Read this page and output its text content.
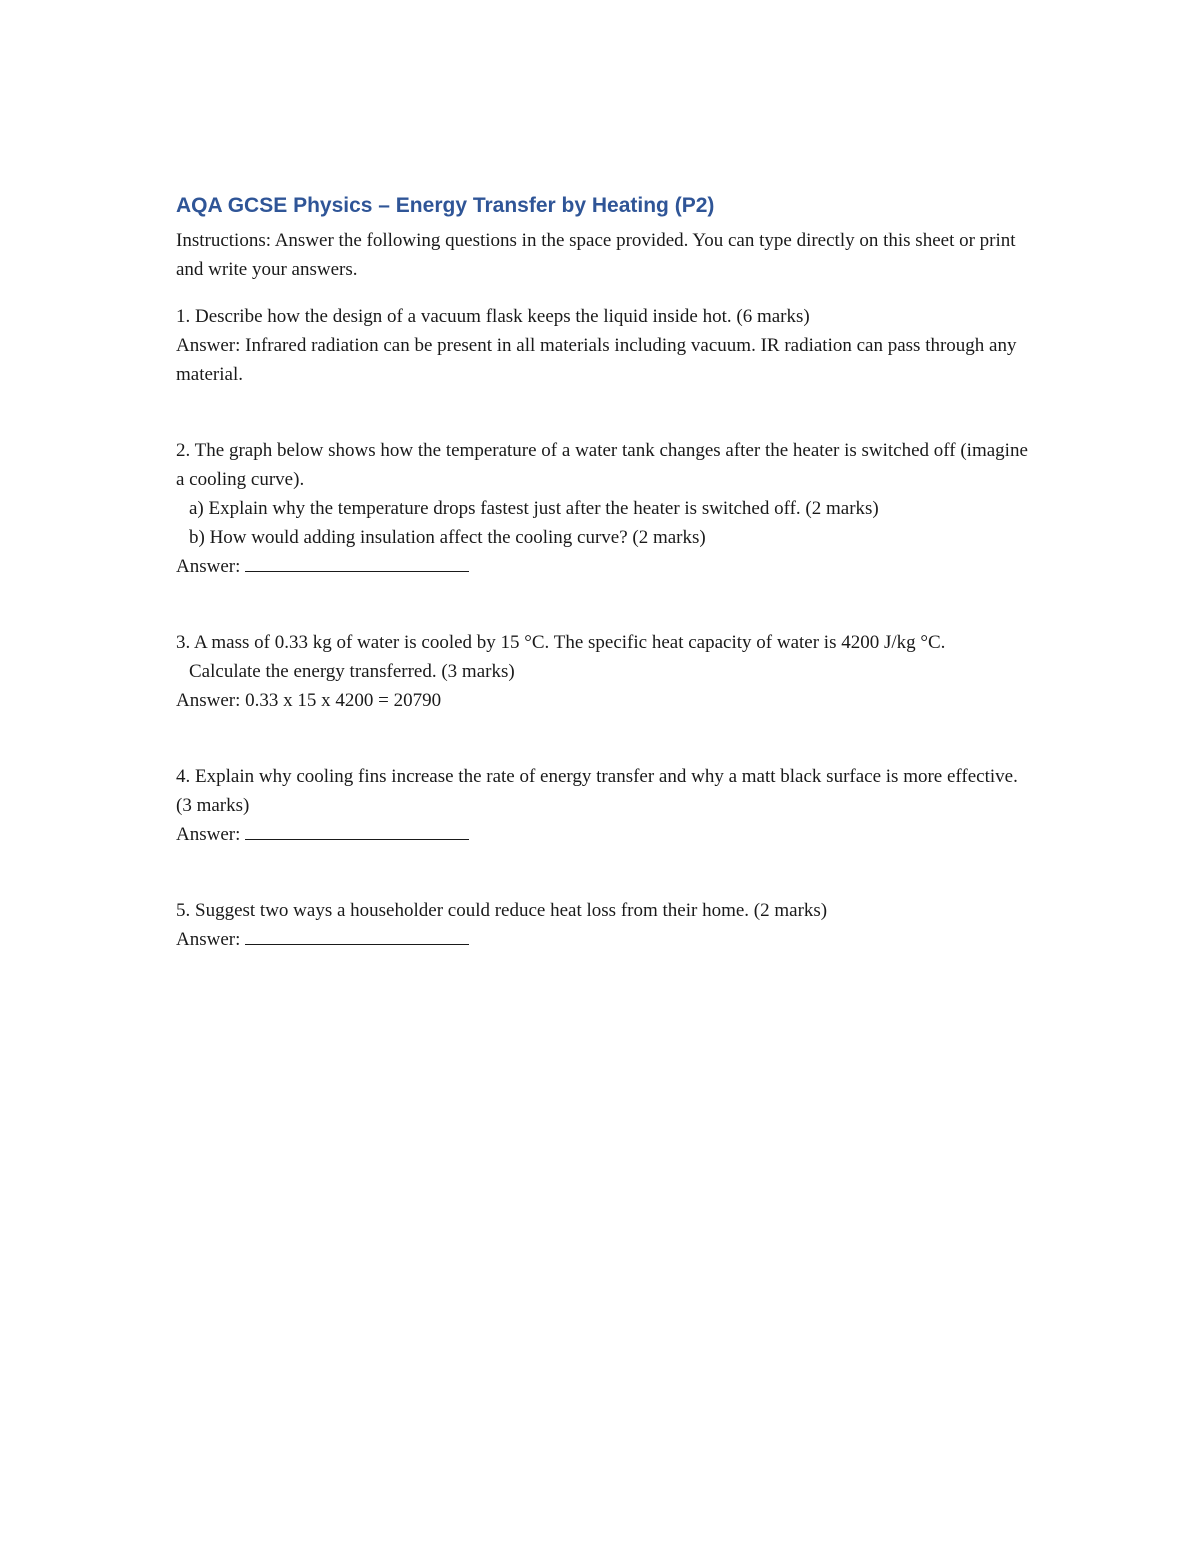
AQA GCSE Physics – Energy Transfer by Heating (P2)

Instructions: Answer the following questions in the space provided. You can type directly on this sheet or print and write your answers.

1. Describe how the design of a vacuum flask keeps the liquid inside hot. (6 marks)

Answer: Infrared radiation can be present in all materials including vacuum. IR radiation can pass through any material.

2. The graph below shows how the temperature of a water tank changes after the heater is switched off (imagine a cooling curve).

a) Explain why the temperature drops fastest just after the heater is switched off. (2 marks)

b) How would adding insulation affect the cooling curve? (2 marks)

Answer:

3. A mass of 0.33 kg of water is cooled by 15 °C. The specific heat capacity of water is 4200 J/kg °C.

Calculate the energy transferred. (3 marks)

Answer: 0.33 x 15 x 4200 = 20790

4. Explain why cooling fins increase the rate of energy transfer and why a matt black surface is more effective. (3 marks)

Answer:

5. Suggest two ways a householder could reduce heat loss from their home. (2 marks)

Answer:
